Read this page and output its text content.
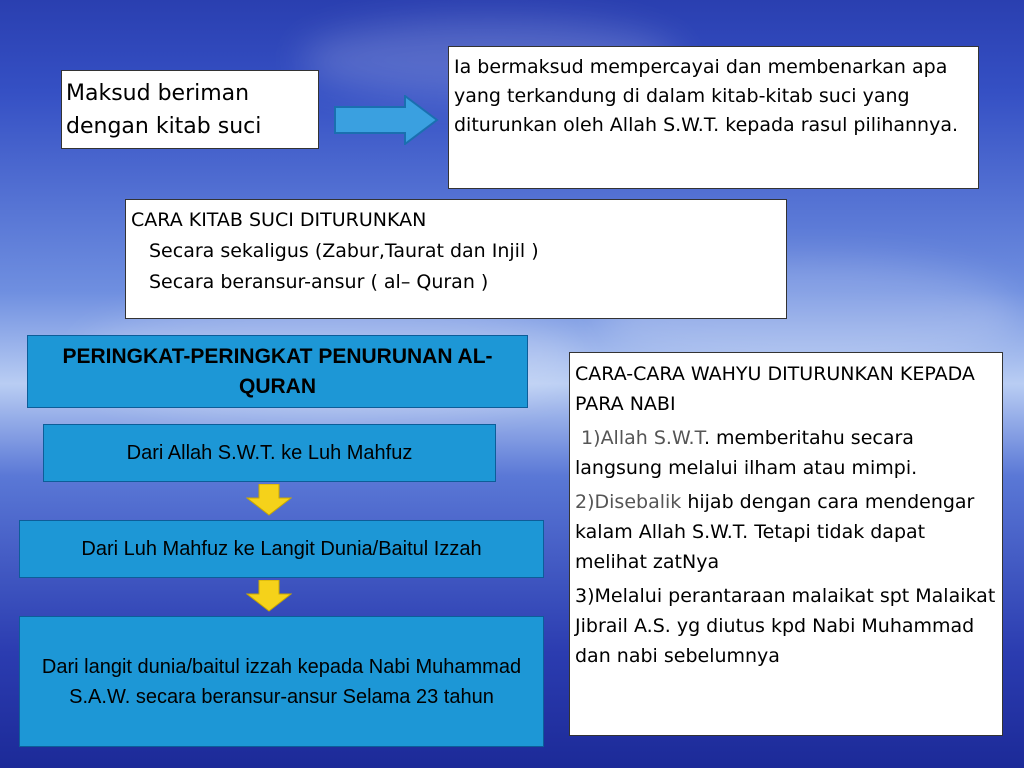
Maksud beriman dengan kitab suci
Ia bermaksud mempercayai dan membenarkan apa yang terkandung di dalam kitab-kitab suci yang diturunkan oleh Allah S.W.T. kepada rasul pilihannya.
CARA KITAB SUCI DITURUNKAN
Secara sekaligus (Zabur,Taurat dan Injil )
Secara beransur-ansur ( al– Quran )
PERINGKAT-PERINGKAT PENURUNAN AL-QURAN
Dari Allah S.W.T. ke Luh Mahfuz
Dari Luh Mahfuz ke Langit Dunia/Baitul Izzah
Dari langit dunia/baitul izzah kepada Nabi Muhammad S.A.W. secara beransur-ansur Selama 23 tahun

CARA-CARA WAHYU DITURUNKAN KEPADA PARA NABI

1)Allah S.W.T. memberitahu secara langsung melalui ilham atau mimpi.

2)Disebalik hijab dengan cara mendengar kalam Allah S.W.T. Tetapi tidak dapat melihat zatNya

3)Melalui perantaraan malaikat spt Malaikat Jibrail A.S. yg diutus kpd Nabi Muhammad dan nabi sebelumnya
